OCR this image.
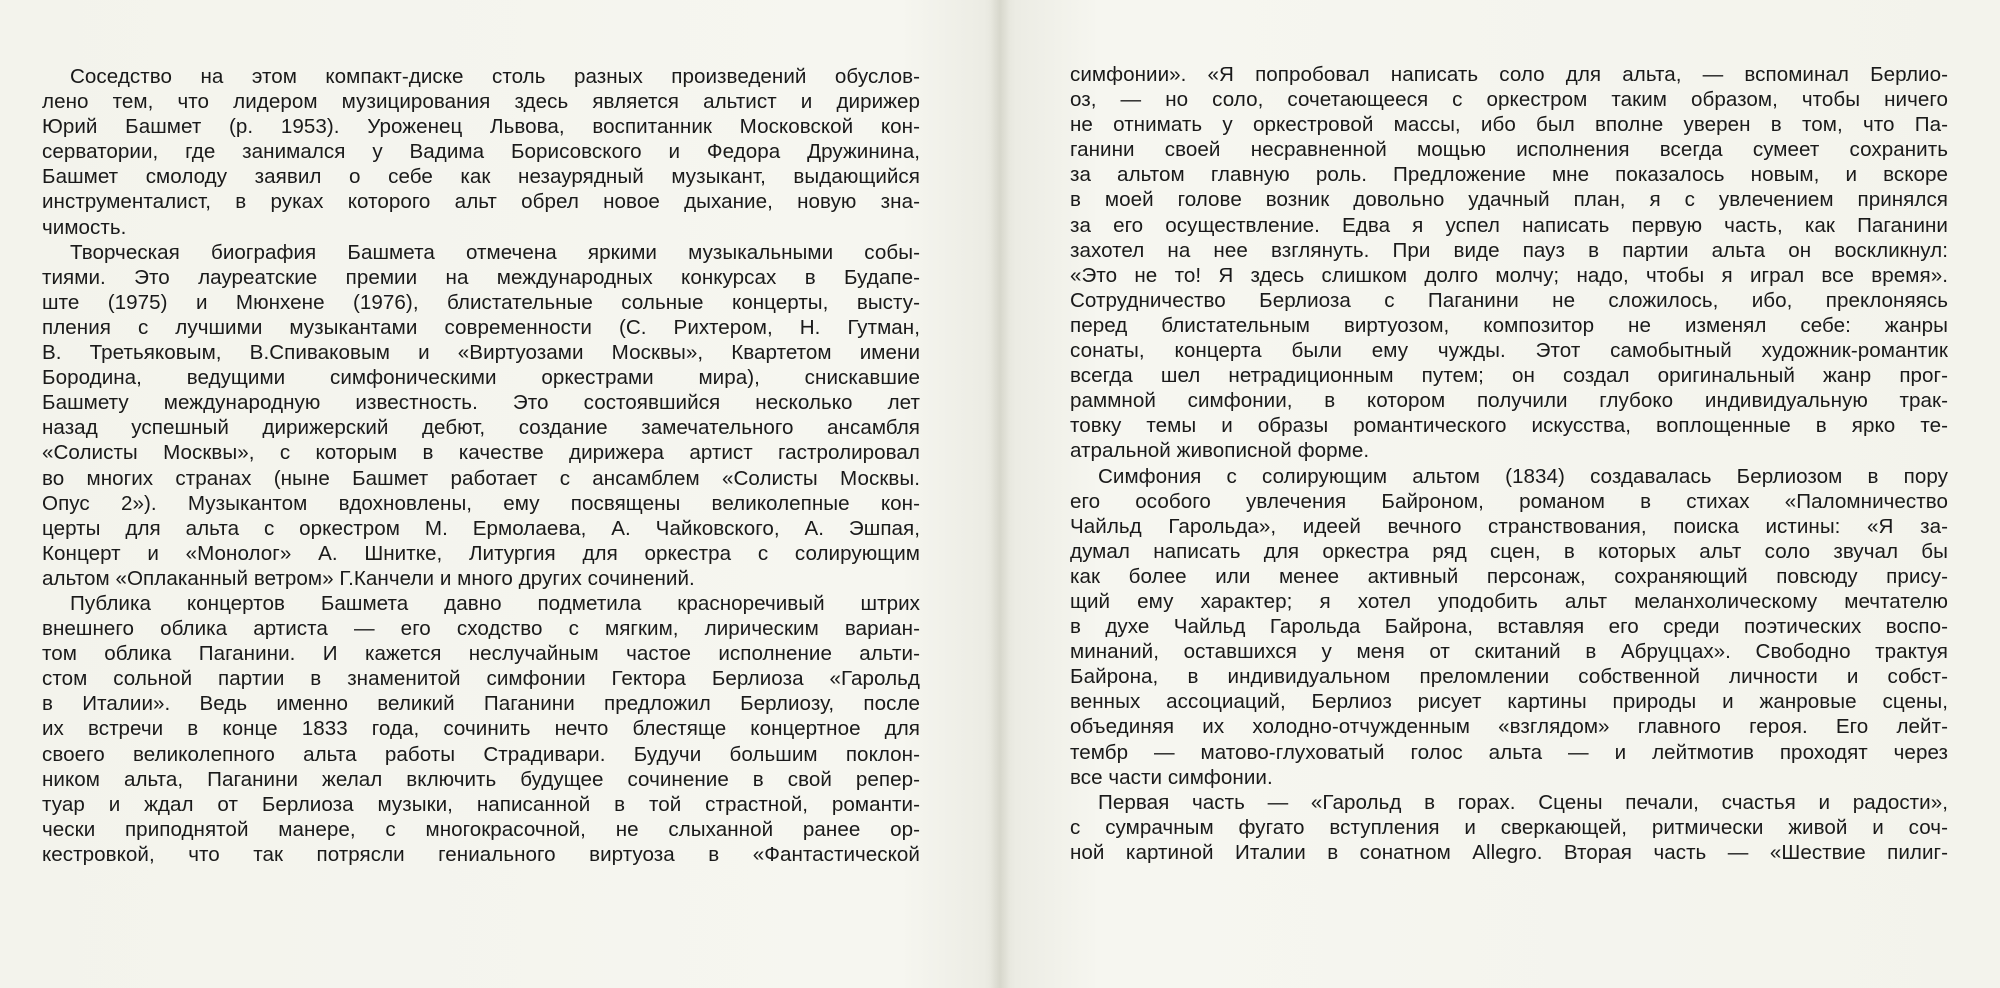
Соседство на этом компакт-диске столь разных произведений обуслов-
лено тем, что лидером музицирования здесь является альтист и дирижер
Юрий Башмет (р. 1953). Уроженец Львова, воспитанник Московской кон-
серватории, где занимался у Вадима Борисовского и Федора Дружинина,
Башмет смолоду заявил о себе как незаурядный музыкант, выдающийся
инструменталист, в руках которого альт обрел новое дыхание, новую зна-
чимость.
Творческая биография Башмета отмечена яркими музыкальными собы-
тиями. Это лауреатские премии на международных конкурсах в Будапе-
ште (1975) и Мюнхене (1976), блистательные сольные концерты, высту-
пления с лучшими музыкантами современности (С. Рихтером, Н. Гутман,
В. Третьяковым, В.Спиваковым и «Виртуозами Москвы», Квартетом имени
Бородина, ведущими симфоническими оркестрами мира), снискавшие
Башмету международную известность. Это состоявшийся несколько лет
назад успешный дирижерский дебют, создание замечательного ансамбля
«Солисты Москвы», с которым в качестве дирижера артист гастролировал
во многих странах (ныне Башмет работает с ансамблем «Солисты Москвы.
Опус 2»). Музыкантом вдохновлены, ему посвящены великолепные кон-
церты для альта с оркестром М. Ермолаева, А. Чайковского, А. Эшпая,
Концерт и «Монолог» А. Шнитке, Литургия для оркестра с солирующим
альтом «Оплаканный ветром» Г.Канчели и много других сочинений.
Публика концертов Башмета давно подметила красноречивый штрих
внешнего облика артиста — его сходство с мягким, лирическим вариан-
том облика Паганини. И кажется неслучайным частое исполнение альти-
стом сольной партии в знаменитой симфонии Гектора Берлиоза «Гарольд
в Италии». Ведь именно великий Паганини предложил Берлиозу, после
их встречи в конце 1833 года, сочинить нечто блестяще концертное для
своего великолепного альта работы Страдивари. Будучи большим поклон-
ником альта, Паганини желал включить будущее сочинение в свой репер-
туар и ждал от Берлиоза музыки, написанной в той страстной, романти-
чески приподнятой манере, с многокрасочной, не слыханной ранее ор-
кестровкой, что так потрясли гениального виртуоза в «Фантастической
симфонии». «Я попробовал написать соло для альта, — вспоминал Берлио-
оз, — но соло, сочетающееся с оркестром таким образом, чтобы ничего
не отнимать у оркестровой массы, ибо был вполне уверен в том, что Па-
ганини своей несравненной мощью исполнения всегда сумеет сохранить
за альтом главную роль. Предложение мне показалось новым, и вскоре
в моей голове возник довольно удачный план, я с увлечением принялся
за его осуществление. Едва я успел написать первую часть, как Паганини
захотел на нее взглянуть. При виде пауз в партии альта он воскликнул:
«Это не то! Я здесь слишком долго молчу; надо, чтобы я играл все время».
Сотрудничество Берлиоза с Паганини не сложилось, ибо, преклоняясь
перед блистательным виртуозом, композитор не изменял себе: жанры
сонаты, концерта были ему чужды. Этот самобытный художник-романтик
всегда шел нетрадиционным путем; он создал оригинальный жанр прог-
раммной симфонии, в котором получили глубоко индивидуальную трак-
товку темы и образы романтического искусства, воплощенные в ярко те-
атральной живописной форме.
Симфония с солирующим альтом (1834) создавалась Берлиозом в пору
его особого увлечения Байроном, романом в стихах «Паломничество
Чайльд Гарольда», идеей вечного странствования, поиска истины: «Я за-
думал написать для оркестра ряд сцен, в которых альт соло звучал бы
как более или менее активный персонаж, сохраняющий повсюду прису-
щий ему характер; я хотел уподобить альт меланхолическому мечтателю
в духе Чайльд Гарольда Байрона, вставляя его среди поэтических воспо-
минаний, оставшихся у меня от скитаний в Абруццах». Свободно трактуя
Байрона, в индивидуальном преломлении собственной личности и собст-
венных ассоциаций, Берлиоз рисует картины природы и жанровые сцены,
объединяя их холодно-отчужденным «взглядом» главного героя. Его лейт-
тембр — матово-глуховатый голос альта — и лейтмотив проходят через
все части симфонии.
Первая часть — «Гарольд в горах. Сцены печали, счастья и радости»,
с сумрачным фугато вступления и сверкающей, ритмически живой и соч-
ной картиной Италии в сонатном Allegro. Вторая часть — «Шествие пилиг-
